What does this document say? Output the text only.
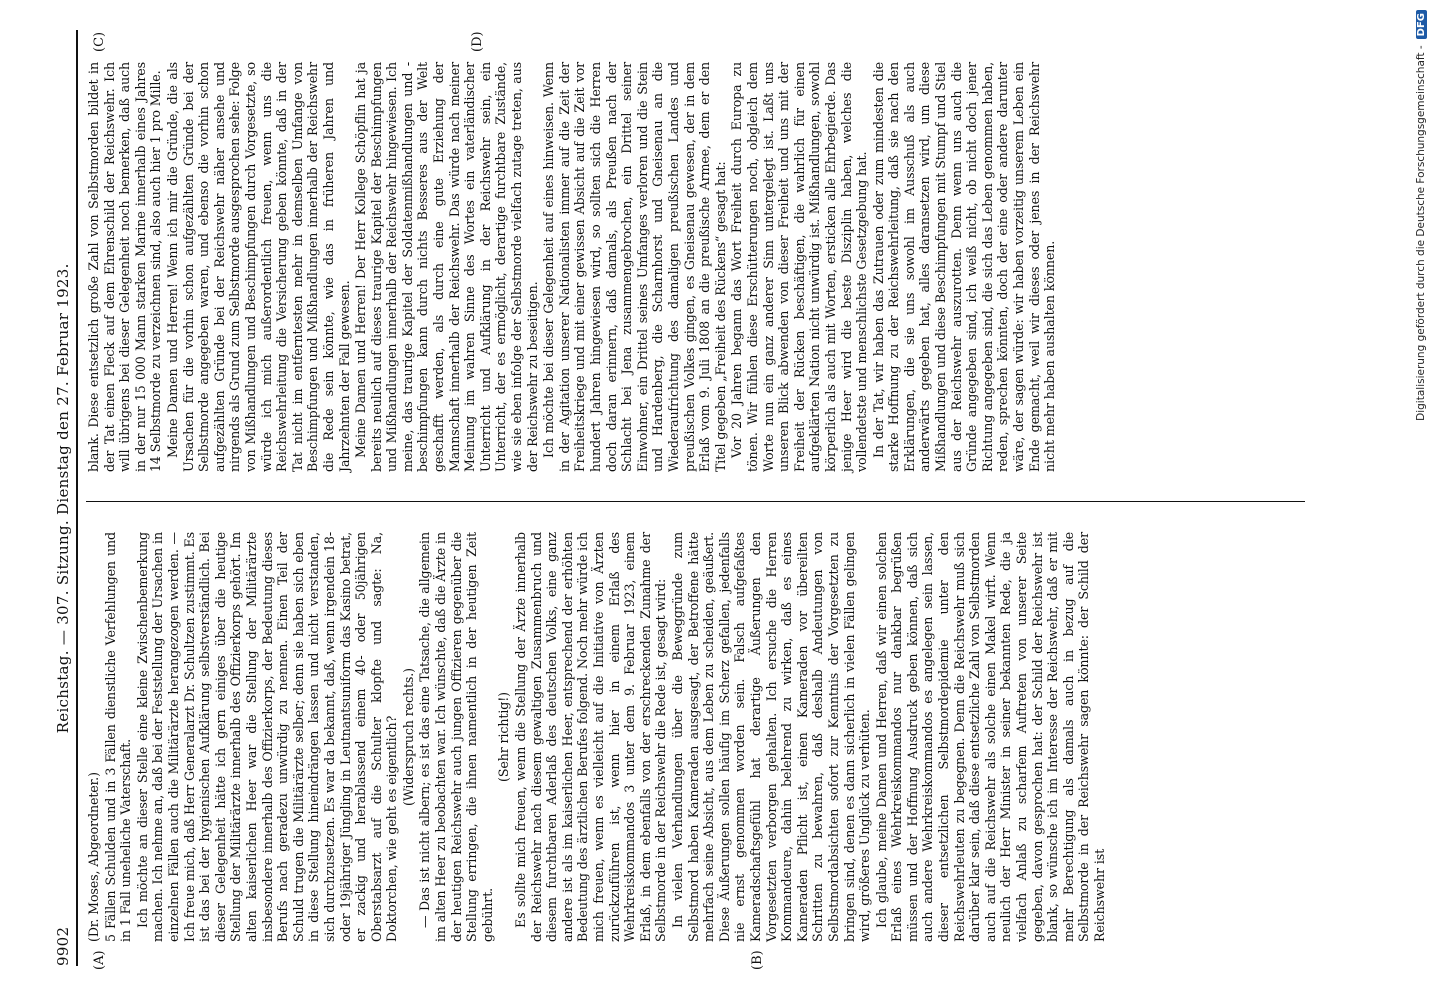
9902
Reichstag. — 307. Sitzung. Dienstag den 27. Februar 1923.
(A)	(B)
(C)	(D)

(Dr. Moses, Abgeordneter.) 5 Fällen Schulden und in 3 Fällen dienstliche Verfehlungen und in 1 Fall uneheliche Vaterschaft. Ich möchte an dieser Stelle eine kleine Zwischenbemerkung machen. Ich nehme an, daß bei der Feststellung der Ursachen in einzelnen Fällen auch die Militärärzte herangezogen werden. — Ich freue mich, daß Herr Generalarzt Dr. Schultzen zustimmt. Es ist das bei der hygienischen Aufklärung selbstverständlich. Bei dieser Gelegenheit hätte ich gern einiges über die heutige Stellung der Militärärzte innerhalb des Offizierkorps gehört. Im alten kaiserlichen Heer war die Stellung der Militärärzte insbesondere innerhalb des Offizierkorps, der Bedeutung dieses Berufs nach geradezu unwürdig zu nennen. Einen Teil der Schuld trugen die Militärärzte selber; denn sie haben sich eben in diese Stellung hineindrängen lassen und nicht verstanden, sich durchzusetzen. Es war da bekannt, daß, wenn irgendein 18- oder 19jähriger Jüngling in Leutnantsuniform das Kasino betrat, er zackig und herablassend einem 40- oder 50jährigen Oberstabsarzt auf die Schulter klopfte und sagte: Na, Doktorchen, wie geht es eigentlich? (Widerspruch rechts.) — Das ist nicht albern; es ist das eine Tatsache, die allgemein im alten Heer zu beobachten war. Ich wünschte, daß die Ärzte in der heutigen Reichswehr auch jungen Offizieren gegenüber die Stellung erringen, die ihnen namentlich in der heutigen Zeit gebührt.

(Sehr richtig!) Es sollte mich freuen, wenn die Stellung der Ärzte innerhalb der Reichswehr nach diesem gewaltigen Zusammenbruch und diesem furchtbaren Aderlaß des deutschen Volks, eine ganz andere ist als im kaiserlichen Heer, entsprechend der erhöhten Bedeutung des ärztlichen Berufes folgend. Noch mehr würde ich mich freuen, wenn es vielleicht auf die Initiative von Ärzten zurückzuführen ist, wenn hier in einem Erlaß des Wehrkreiskommandos 3 unter dem 9. Februar 1923, einem Erlaß, in dem ebenfalls von der erschreckenden Zunahme der Selbstmorde in der Reichswehr die Rede ist, gesagt wird: In vielen Verhandlungen über die Beweggründe zum Selbstmord haben Kameraden ausgesagt, der Betroffene hätte mehrfach seine Absicht, aus dem Leben zu scheiden, geäußert. Diese Äußerungen sollen häufig im Scherz gefallen, jedenfalls nie ernst genommen worden sein. Falsch aufgefaßtes Kameradschaftsgefühl hat derartige Äußerungen den Vorgesetzten verborgen gehalten. Ich ersuche die Herren Kommandeure, dahin belehrend zu wirken, daß es eines Kameraden Pflicht ist, einen Kameraden vor übereilten Schritten zu bewahren, daß deshalb Andeutungen von Selbstmordabsichten sofort zur Kenntnis der Vorgesetzten zu bringen sind, denen es dann sicherlich in vielen Fällen gelingen wird, größeres Unglück zu verhüten. Ich glaube, meine Damen und Herren, daß wir einen solchen Erlaß eines Wehrkreiskommandos nur dankbar begrüßen müssen und der Hoffnung Ausdruck geben können, daß sich auch andere Wehrkreiskommandos es angelegen sein lassen, dieser entsetzlichen Selbstmordepidemie unter den Reichswehrleuten zu begegnen. Denn die Reichswehr muß sich darüber klar sein, daß diese entsetzliche Zahl von Selbstmorden auch auf die Reichswehr als solche einen Makel wirft. Wenn neulich der Herr Minister in seiner bekannten Rede, die ja vielfach Anlaß zu scharfem Auftreten von unserer Seite gegeben, davon gesprochen hat: der Schild der Reichswehr ist blank, so wünsche ich im Interesse der Reichswehr, daß er mit mehr Berechtigung als damals auch in bezug auf die Selbstmorde in der Reichswehr sagen könnte: der Schild der Reichswehr ist

blank. Diese entsetzlich große Zahl von Selbstmorden bildet in der Tat einen Fleck auf dem Ehrenschild der Reichswehr. Ich will übrigens bei dieser Gelegenheit noch bemerken, daß auch in der nur 15 000 Mann starken Marine innerhalb eines Jahres 14 Selbstmorde zu verzeichnen sind, also auch hier 1 pro Mille. Meine Damen und Herren! Wenn ich mir die Gründe, die als Ursachen für die vorhin schon aufgezählten Gründe bei der Selbstmorde angegeben waren, und ebenso die vorhin schon aufgezählten Gründe bei der Reichswehr näher ansehe und nirgends als Grund zum Selbstmorde ausgesprochen sehe: Folge von Mißhandlungen und Beschimpfungen durch Vorgesetzte, so würde ich mich außerordentlich freuen, wenn uns die Reichswehrleitung die Versicherung geben könnte, daß in der Tat nicht im entferntesten mehr in demselben Umfange von Beschimpfungen und Mißhandlungen innerhalb der Reichswehr die Rede sein könnte, wie das in früheren Jahren und Jahrzehnten der Fall gewesen. Meine Damen und Herren! Der Herr Kollege Schöpflin hat ja bereits neulich auf dieses traurige Kapitel der Beschimpfungen und Mißhandlungen innerhalb der Reichswehr hingewiesen. Ich meine, das traurige Kapitel der Soldatenmißhandlungen und -beschimpfungen kann durch nichts Besseres aus der Welt geschafft werden, als durch eine gute Erziehung der Mannschaft innerhalb der Reichswehr. Das würde nach meiner Meinung im wahren Sinne des Wortes ein vaterländischer Unterricht und Aufklärung in der Reichswehr sein, ein Unterricht, der es ermöglicht, derartige furchtbare Zustände, wie sie eben infolge der Selbstmorde vielfach zutage treten, aus der Reichswehr zu beseitigen. Ich möchte bei dieser Gelegenheit auf eines hinweisen. Wenn in der Agitation unserer Nationalisten immer auf die Zeit der Freiheitskriege und mit einer gewissen Absicht auf die Zeit vor hundert Jahren hingewiesen wird, so sollten sich die Herren doch daran erinnern, daß damals, als Preußen nach der Schlacht bei Jena zusammengebrochen, ein Drittel seiner Einwohner, ein Drittel seines Umfanges verloren und die Stein und Hardenberg, die Scharnhorst und Gneisenau an die Wiederaufrichtung des damaligen preußischen Landes und preußischen Volkes gingen, es Gneisenau gewesen, der in dem Erlaß vom 9. Juli 1808 an die preußische Armee, dem er den Titel gegeben „Freiheit des Rückens“ gesagt hat: Vor 20 Jahren begann das Wort Freiheit durch Europa zu tönen. Wir fühlen diese Erschütterungen noch, obgleich dem Worte nun ein ganz anderer Sinn untergelegt ist. Laßt uns unseren Blick abwenden von dieser Freiheit und uns mit der Freiheit der Rücken beschäftigen, die wahrlich für einen aufgeklärten Nation nicht unwürdig ist. Mißhandlungen, sowohl körperlich als auch mit Worten, ersticken alle Ehrbegierde. Das jenige Heer wird die beste Disziplin haben, welches die vollendetste und menschlichste Gesetzgebung hat. In der Tat, wir haben das Zutrauen oder zum mindesten die starke Hoffnung zu der Reichswehrleitung, daß sie nach den Erklärungen, die sie uns sowohl im Ausschuß als auch anderwärts gegeben hat, alles daransetzen wird, um diese Mißhandlungen und diese Beschimpfungen mit Stumpf und Stiel aus der Reichswehr auszurotten. Denn wenn uns auch die Gründe angegeben sind, ich weiß nicht, ob nicht doch jener Richtung angegeben sind, die sich das Leben genommen haben, reden, sprechen könnten, doch der eine oder andere darunter wäre, der sagen würde: wir haben vorzeitig unserem Leben ein Ende gemacht, weil wir dieses oder jenes in der Reichswehr nicht mehr haben aushalten können.	Digitalisierung gefördert durch die Deutsche Forschungsgemeinschaft -
DFG
